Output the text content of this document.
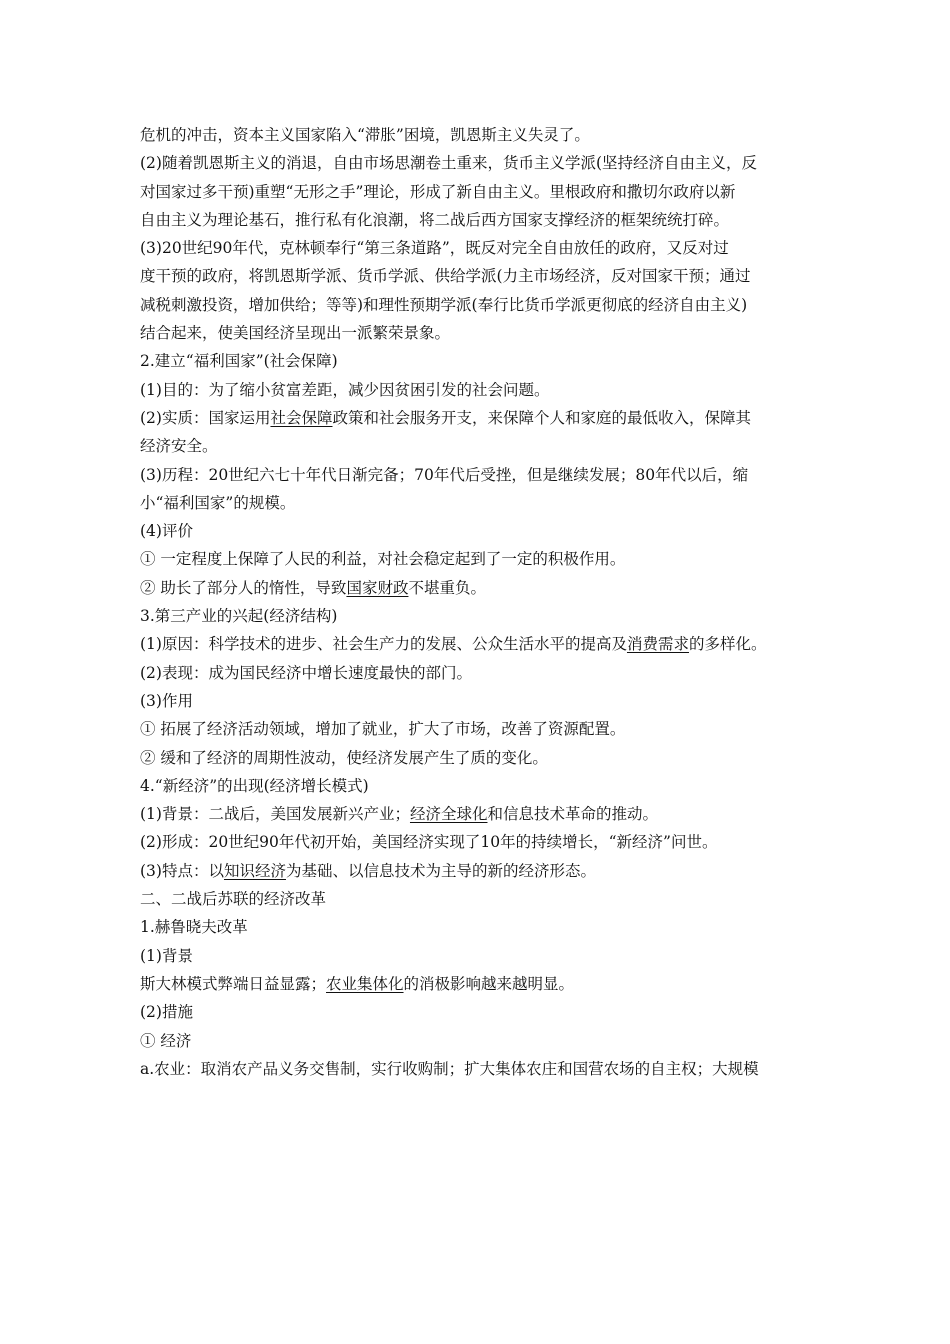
危机的冲击，资本主义国家陷入“滞胀”困境，凯恩斯主义失灵了。
(2)随着凯恩斯主义的消退，自由市场思潮卷土重来，货币主义学派(坚持经济自由主义，反
对国家过多干预)重塑“无形之手”理论，形成了新自由主义。里根政府和撒切尔政府以新
自由主义为理论基石，推行私有化浪潮，将二战后西方国家支撑经济的框架统统打碎。
(3)20世纪90年代，克林顿奉行“第三条道路”，既反对完全自由放任的政府，又反对过
度干预的政府，将凯恩斯学派、货币学派、供给学派(力主市场经济，反对国家干预；通过
减税刺激投资，增加供给；等等)和理性预期学派(奉行比货币学派更彻底的经济自由主义)
结合起来，使美国经济呈现出一派繁荣景象。
2.建立“福利国家”(社会保障)
(1)目的：为了缩小贫富差距，减少因贫困引发的社会问题。
(2)实质：国家运用社会保障政策和社会服务开支，来保障个人和家庭的最低收入，保障其
经济安全。
(3)历程：20世纪六七十年代日渐完备；70年代后受挫，但是继续发展；80年代以后，缩
小“福利国家”的规模。
(4)评价
① 一定程度上保障了人民的利益，对社会稳定起到了一定的积极作用。
② 助长了部分人的惰性，导致国家财政不堪重负。
3.第三产业的兴起(经济结构)
(1)原因：科学技术的进步、社会生产力的发展、公众生活水平的提高及消费需求的多样化。
(2)表现：成为国民经济中增长速度最快的部门。
(3)作用
① 拓展了经济活动领域，增加了就业，扩大了市场，改善了资源配置。
② 缓和了经济的周期性波动，使经济发展产生了质的变化。
4.“新经济”的出现(经济增长模式)
(1)背景：二战后，美国发展新兴产业；经济全球化和信息技术革命的推动。
(2)形成：20世纪90年代初开始，美国经济实现了10年的持续增长，“新经济”问世。
(3)特点：以知识经济为基础、以信息技术为主导的新的经济形态。
二、二战后苏联的经济改革
1.赫鲁晓夫改革
(1)背景
斯大林模式弊端日益显露；农业集体化的消极影响越来越明显。
(2)措施
① 经济
a.农业：取消农产品义务交售制，实行收购制；扩大集体农庄和国营农场的自主权；大规模
